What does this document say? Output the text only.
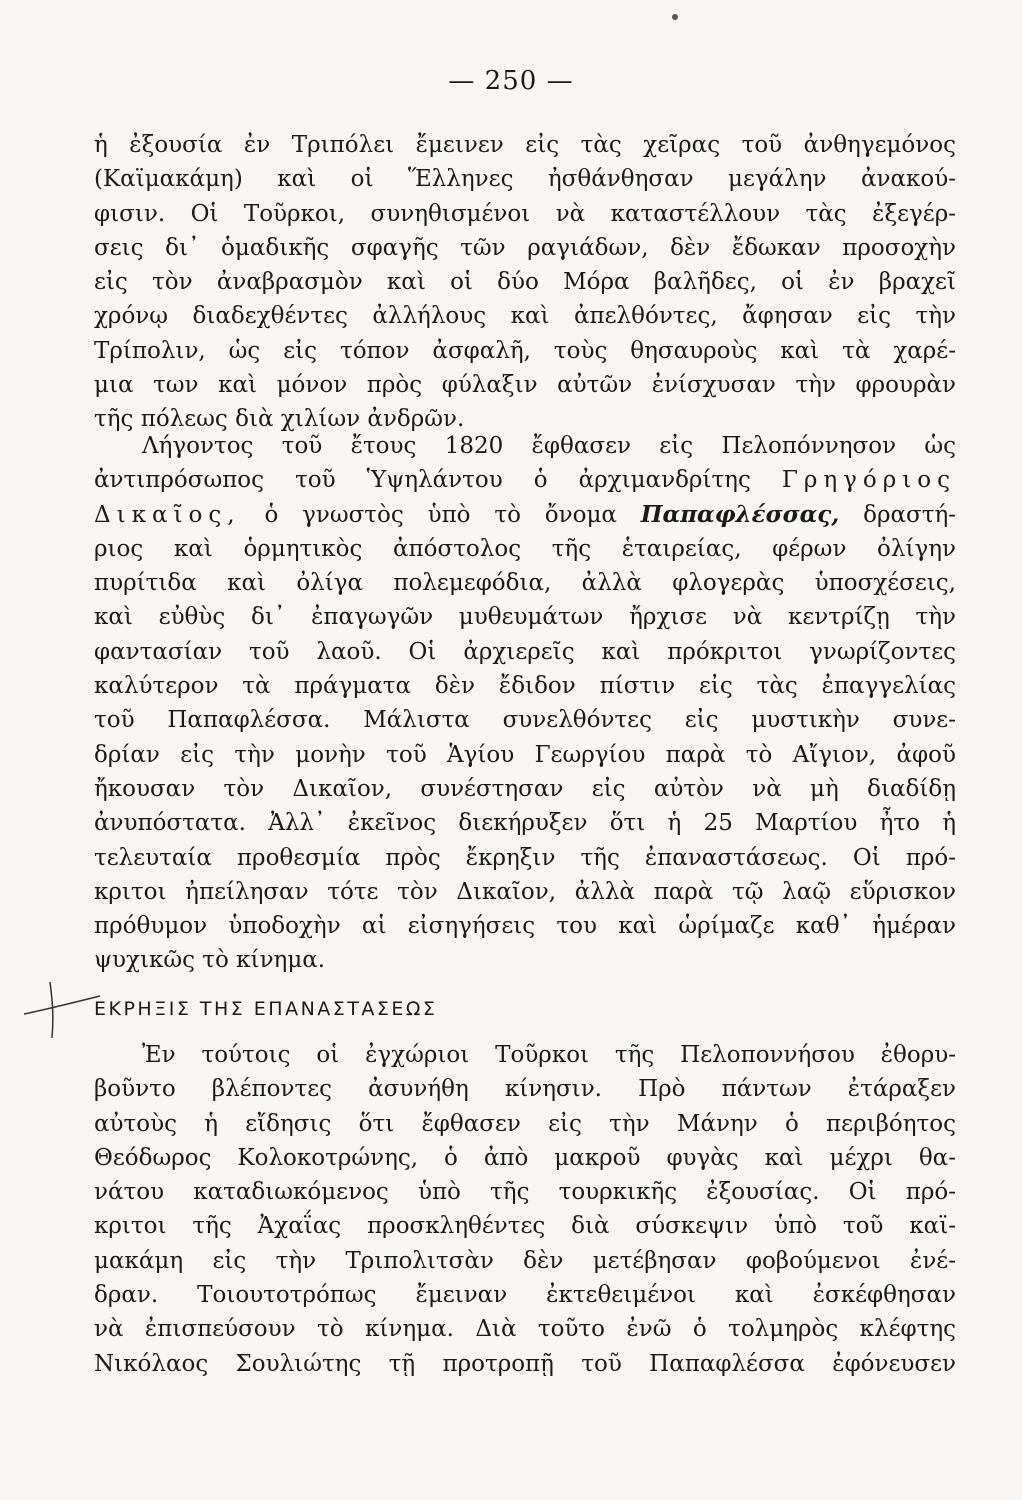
— 250 —
ἡ ἐξουσία ἐν Τριπόλει ἔμεινεν εἰς τὰς χεῖρας τοῦ ἀνθηγεμόνος
(Καϊμακάμη) καὶ οἱ Ἕλληνες ἠσθάνθησαν μεγάλην ἀνακού-
φισιν. Οἱ Τοῦρκοι, συνηθισμένοι νὰ καταστέλλουν τὰς ἐξεγέρ-
σεις δι᾽ ὁμαδικῆς σφαγῆς τῶν ραγιάδων, δὲν ἔδωκαν προσοχὴν
εἰς τὸν ἀναβρασμὸν καὶ οἱ δύο Μόρα βαλῆδες, οἱ ἐν βραχεῖ
χρόνῳ διαδεχθέντες ἀλλήλους καὶ ἀπελθόντες, ἄφησαν εἰς τὴν
Τρίπολιν, ὡς εἰς τόπον ἀσφαλῆ, τοὺς θησαυροὺς καὶ τὰ χαρέ-
μια των καὶ μόνον πρὸς φύλαξιν αὐτῶν ἐνίσχυσαν τὴν φρουρὰν
τῆς πόλεως διὰ χιλίων ἀνδρῶν.
Λήγοντος τοῦ ἔτους 1820 ἔφθασεν εἰς Πελοπόννησον ὡς
ἀντιπρόσωπος τοῦ Ὑψηλάντου ὁ ἀρχιμανδρίτης Γρηγόριος
Δικαῖος, ὁ γνωστὸς ὑπὸ τὸ ὄνομα Παπαφλέσσας, δραστή-
ριος καὶ ὁρμητικὸς ἀπόστολος τῆς ἑταιρείας, φέρων ὀλίγην
πυρίτιδα καὶ ὀλίγα πολεμεφόδια, ἀλλὰ φλογερὰς ὑποσχέσεις,
καὶ εὐθὺς δι᾽ ἐπαγωγῶν μυθευμάτων ἤρχισε νὰ κεντρίζῃ τὴν
φαντασίαν τοῦ λαοῦ. Οἱ ἀρχιερεῖς καὶ πρόκριτοι γνωρίζοντες
καλύτερον τὰ πράγματα δὲν ἔδιδον πίστιν εἰς τὰς ἐπαγγελίας
τοῦ Παπαφλέσσα. Μάλιστα συνελθόντες εἰς μυστικὴν συνε-
δρίαν εἰς τὴν μονὴν τοῦ Ἁγίου Γεωργίου παρὰ τὸ Αἴγιον, ἀφοῦ
ἤκουσαν τὸν Δικαῖον, συνέστησαν εἰς αὐτὸν νὰ μὴ διαδίδῃ
ἀνυπόστατα. Ἀλλ᾽ ἐκεῖνος διεκήρυξεν ὅτι ἡ 25 Μαρτίου ἦτο ἡ
τελευταία προθεσμία πρὸς ἔκρηξιν τῆς ἐπαναστάσεως. Οἱ πρό-
κριτοι ἠπείλησαν τότε τὸν Δικαῖον, ἀλλὰ παρὰ τῷ λαῷ εὕρισκον
πρόθυμον ὑποδοχὴν αἱ εἰσηγήσεις του καὶ ὡρίμαζε καθ᾽ ἡμέραν
ψυχικῶς τὸ κίνημα.
ΕΚΡΗΞΙΣ ΤΗΣ ΕΠΑΝΑΣΤΑΣΕΩΣ
Ἐν τούτοις οἱ ἐγχώριοι Τοῦρκοι τῆς Πελοποννήσου ἐθορυ-
βοῦντο βλέποντες ἀσυνήθη κίνησιν. Πρὸ πάντων ἐτάραξεν
αὐτοὺς ἡ εἴδησις ὅτι ἔφθασεν εἰς τὴν Μάνην ὁ περιβόητος
Θεόδωρος Κολοκοτρώνης, ὁ ἀπὸ μακροῦ φυγὰς καὶ μέχρι θα-
νάτου καταδιωκόμενος ὑπὸ τῆς τουρκικῆς ἐξουσίας. Οἱ πρό-
κριτοι τῆς Ἀχαΐας προσκληθέντες διὰ σύσκεψιν ὑπὸ τοῦ καϊ-
μακάμη εἰς τὴν Τριπολιτσὰν δὲν μετέβησαν φοβούμενοι ἐνέ-
δραν. Τοιουτοτρόπως ἔμειναν ἐκτεθειμένοι καὶ ἐσκέφθησαν
νὰ ἐπισπεύσουν τὸ κίνημα. Διὰ τοῦτο ἐνῶ ὁ τολμηρὸς κλέφτης
Νικόλαος Σουλιώτης τῇ προτροπῇ τοῦ Παπαφλέσσα ἐφόνευσεν
